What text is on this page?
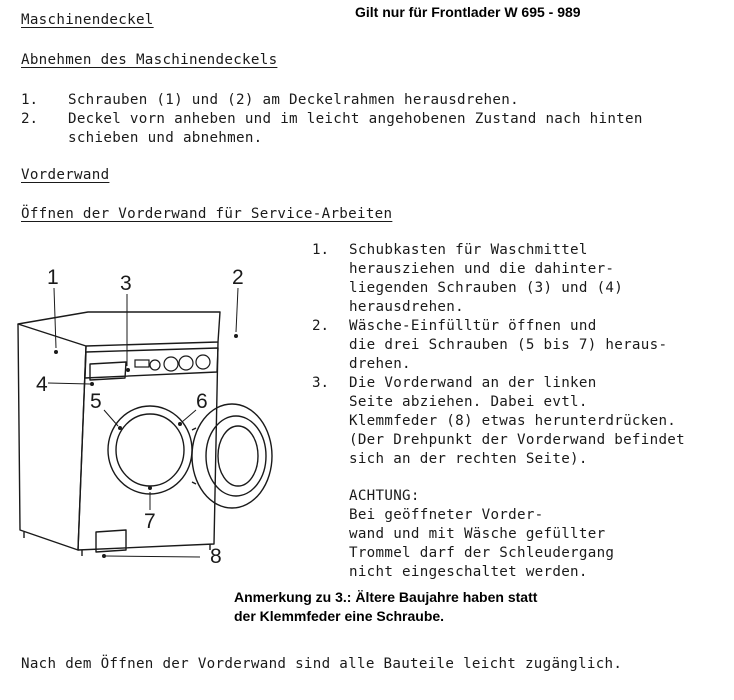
Maschinendeckel	Gilt nur für Frontlader W 695 - 989
Abnehmen des Maschinendeckels
1. Schrauben (1) und (2) am Deckelrahmen herausdrehen.
2. Deckel vorn anheben und im leicht angehobenen Zustand nach hinten
schieben und abnehmen.
Vorderwand
Öffnen der Vorderwand für Service-Arbeiten
1. Schubkasten für Waschmittel
herausziehen und die dahinter-
liegenden Schrauben (3) und (4)
herausdrehen.
2. Wäsche-Einfülltür öffnen und
die drei Schrauben (5 bis 7) heraus-
drehen.
3. Die Vorderwand an der linken
Seite abziehen. Dabei evtl.
Klemmfeder (8) etwas herunterdrücken.
(Der Drehpunkt der Vorderwand befindet
sich an der rechten Seite).
ACHTUNG:
Bei geöffneter Vorder-
wand und mit Wäsche gefüllter
Trommel darf der Schleudergang
nicht eingeschaltet werden.
Anmerkung zu 3.: Ältere Baujahre haben statt
der Klemmfeder eine Schraube.
1	2
3
4
5	6
7
8
Nach dem Öffnen der Vorderwand sind alle Bauteile leicht zugänglich.
